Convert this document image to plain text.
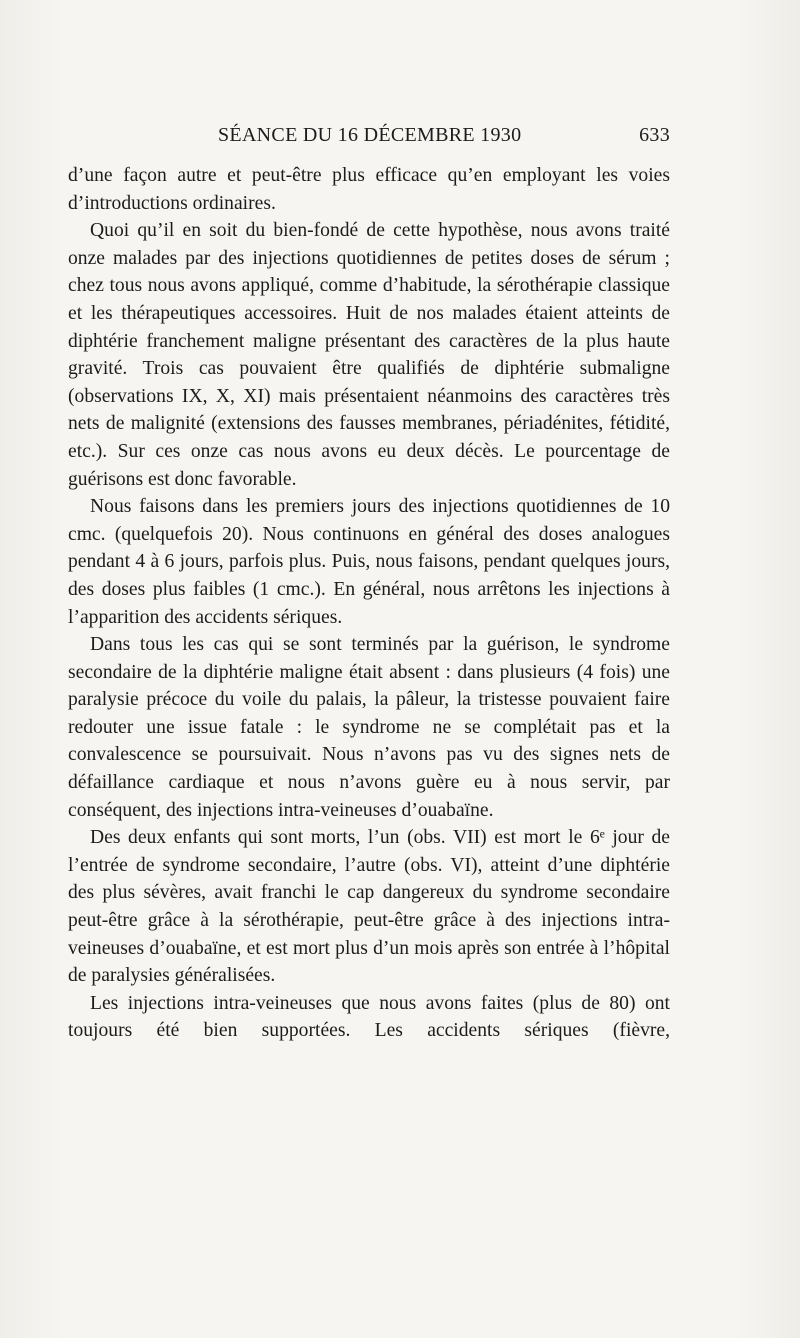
SÉANCE DU 16 DÉCEMBRE 1930	633

d’une façon autre et peut-être plus efficace qu’en employant les voies d’introductions ordinaires.

Quoi qu’il en soit du bien-fondé de cette hypothèse, nous avons traité onze malades par des injections quotidiennes de petites doses de sérum ; chez tous nous avons appliqué, comme d’habitude, la sérothérapie classique et les thérapeutiques accessoires. Huit de nos malades étaient atteints de diphtérie franchement maligne présentant des caractères de la plus haute gravité. Trois cas pouvaient être qualifiés de diphtérie submaligne (observations IX, X, XI) mais présentaient néanmoins des caractères très nets de malignité (extensions des fausses membranes, périadénites, fétidité, etc.). Sur ces onze cas nous avons eu deux décès. Le pourcentage de guérisons est donc favorable.

Nous faisons dans les premiers jours des injections quotidiennes de 10 cmc. (quelquefois 20). Nous continuons en général des doses analogues pendant 4 à 6 jours, parfois plus. Puis, nous faisons, pendant quelques jours, des doses plus faibles (1 cmc.). En général, nous arrêtons les injections à l’apparition des accidents sériques.

Dans tous les cas qui se sont terminés par la guérison, le syndrome secondaire de la diphtérie maligne était absent : dans plusieurs (4 fois) une paralysie précoce du voile du palais, la pâleur, la tristesse pouvaient faire redouter une issue fatale : le syndrome ne se complétait pas et la convalescence se poursuivait. Nous n’avons pas vu des signes nets de défaillance cardiaque et nous n’avons guère eu à nous servir, par conséquent, des injections intra-veineuses d’ouabaïne.

Des deux enfants qui sont morts, l’un (obs. VII) est mort le 6ᵉ jour de l’entrée de syndrome secondaire, l’autre (obs. VI), atteint d’une diphtérie des plus sévères, avait franchi le cap dangereux du syndrome secondaire peut-être grâce à la sérothérapie, peut-être grâce à des injections intra-veineuses d’ouabaïne, et est mort plus d’un mois après son entrée à l’hôpital de paralysies généralisées.

Les injections intra-veineuses que nous avons faites (plus de 80) ont toujours été bien supportées. Les accidents sériques (fièvre,
